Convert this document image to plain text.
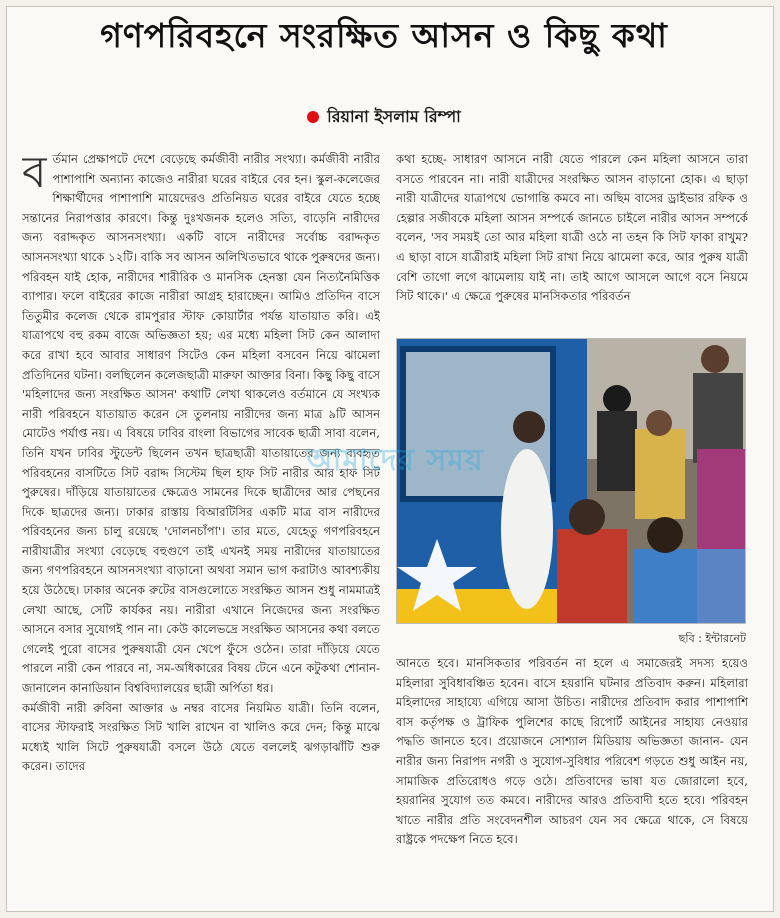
গণপরিবহনে সংরক্ষিত আসন ও কিছু কথা
রিয়ানা ইসলাম রিম্পা
ব র্তমান প্রেক্ষাপটে দেশে বেড়েছে কর্মজীবী নারীর সংখ্যা। কর্মজীবী নারীর পাশাপাশি অন্যান্য কাজেও নারীরা ঘরের বাইরে বের হন। স্কুল-কলেজের শিক্ষার্থীদের পাশাপাশি মায়েদেরও প্রতিনিয়ত ঘরের বাইরে যেতে হচ্ছে সন্তানের নিরাপত্তার কারণে। কিন্তু দুঃখজনক হলেও সত্যি, বাড়েনি নারীদের জন্য বরাদ্দকৃত আসনসংখ্যা। একটি বাসে নারীদের সর্বোচ্চ বরাদ্দকৃত আসনসংখ্যা থাকে ১২টি। বাকি সব আসন অলিখিতভাবে থাকে পুরুষদের জন্য। পরিবহন যাই হোক, নারীদের শারীরিক ও মানসিক হেনস্তা যেন নিত্যনৈমিত্তিক ব্যাপার। ফলে বাইরের কাজে নারীরা আগ্রহ হারাচ্ছেন। আমিও প্রতিদিন বাসে তিতুমীর কলেজ থেকে রামপুরার স্টাফ কোয়ার্টার পর্যন্ত যাতায়াত করি। এই যাত্রাপথে বহু রকম বাজে অভিজ্ঞতা হয়; এর মধ্যে মহিলা সিট কেন আলাদা করে রাখা হবে আবার সাধারণ সিটেও কেন মহিলা বসবেন নিয়ে ঝামেলা প্রতিদিনের ঘটনা। বলছিলেন কলেজছাত্রী মারুফা আক্তার বিনা। কিছু কিছু বাসে 'মহিলাদের জন্য সংরক্ষিত আসন' কথাটি লেখা থাকলেও বর্তমানে যে সংখ্যক নারী পরিবহনে যাতায়াত করেন সে তুলনায় নারীদের জন্য মাত্র ৯টি আসন মোটেও পর্যাপ্ত নয়। এ বিষয়ে ঢাবির বাংলা বিভাগের সাবেক ছাত্রী সাবা বলেন, তিনি যখন ঢাবির স্টুডেন্ট ছিলেন তখন ছাত্রছাত্রী যাতায়াতের জন্য ব্যবহৃত পরিবহনের বাসটিতে সিট বরাদ্দ সিস্টেম ছিল হাফ সিট নারীর আর হাফ সিট পুরুষের। দাঁড়িয়ে যাতায়াতের ক্ষেত্রেও সামনের দিকে ছাত্রীদের আর পেছনের দিকে ছাত্রদের জন্য। ঢাকার রাস্তায় বিআরটিসির একটি মাত্র বাস নারীদের পরিবহনের জন্য চালু রয়েছে 'দোলনচাঁপা'। তার মতে, যেহেতু গণপরিবহনে নারীযাত্রীর সংখ্যা বেড়েছে বহুগুণে তাই এখনই সময় নারীদের যাতায়াতের জন্য গণপরিবহনে আসনসংখ্যা বাড়ানো অথবা সমান ভাগ করাটাও আবশ্যকীয় হয়ে উঠেছে। ঢাকার অনেক রুটের বাসগুলোতে সংরক্ষিত আসন শুধু নামমাত্রই লেখা আছে, সেটি কার্যকর নয়। নারীরা এখানে নিজেদের জন্য সংরক্ষিত আসনে বসার সুযোগই পান না। কেউ কালেভদ্রে সংরক্ষিত আসনের কথা বলতে গেলেই পুরো বাসের পুরুষযাত্রী যেন খেপে ফুঁসে ওঠেন। তারা দাঁড়িয়ে যেতে পারলে নারী কেন পারবে না, সম-অধিকারের বিষয় টেনে এনে কটুকথা শোনান- জানালেন কানাডিয়ান বিশ্ববিদ্যালয়ের ছাত্রী অর্পিতা ধর।

কর্মজীবী নারী রুবিনা আক্তার ৬ নম্বর বাসের নিয়মিত যাত্রী। তিনি বলেন, বাসের স্টাফরাই সংরক্ষিত সিট খালি রাখেন বা খালিও করে দেন; কিন্তু মাঝে মধ্যেই খালি সিটে পুরুষযাত্রী বসলে উঠে যেতে বললেই ঝগড়াঝাঁটি শুরু করেন। তাদের

কথা হচ্ছে- সাধারণ আসনে নারী যেতে পারলে কেন মহিলা আসনে তারা বসতে পারবেন না। নারী যাত্রীদের সংরক্ষিত আসন বাড়ানো হোক। এ ছাড়া নারী যাত্রীদের যাত্রাপথে ভোগান্তি কমবে না। অছিম বাসের ড্রাইভার রফিক ও হেল্পার সজীবকে মহিলা আসন সম্পর্কে জানতে চাইলে নারীর আসন সম্পর্কে বলেন, 'সব সময়ই তো আর মহিলা যাত্রী ওঠে না তহন কি সিট ফাকা রাখুম? এ ছাড়া বাসে যাত্রীরাই মহিলা সিট রাখা নিয়ে ঝামেলা করে, আর পুরুষ যাত্রী বেশি তাগো লগে ঝামেলায় যাই না। তাই আগে আসলে আগে বসে নিয়মে সিট থাকে।' এ ক্ষেত্রে পুরুষের মানসিকতার পরিবর্তন

ছবি : ইন্টারনেট

আনতে হবে। মানসিকতার পরিবর্তন না হলে এ সমাজেরই সদস্য হয়েও মহিলারা সুবিধাবঞ্চিত হবেন। বাসে হয়রানি ঘটনার প্রতিবাদ করুন। মহিলারা মহিলাদের সাহায্যে এগিয়ে আসা উচিত। নারীদের প্রতিবাদ করার পাশাপাশি বাস কর্তৃপক্ষ ও ট্রাফিক পুলিশের কাছে রিপোর্ট আইনের সাহায্য নেওয়ার পদ্ধতি জানতে হবে। প্রয়োজনে সোশ্যাল মিডিয়ায় অভিজ্ঞতা জানান- যেন নারীর জন্য নিরাপদ নগরী ও সুযোগ-সুবিধার পরিবেশ গড়তে শুধু আইন নয়, সামাজিক প্রতিরোধও গড়ে ওঠে। প্রতিবাদের ভাষা যত জোরালো হবে, হয়রানির সুযোগ তত কমবে। নারীদের আরও প্রতিবাদী হতে হবে। পরিবহন খাতে নারীর প্রতি সংবেদনশীল আচরণ যেন সব ক্ষেত্রে থাকে, সে বিষয়ে রাষ্ট্রকে পদক্ষেপ নিতে হবে।

আমাদের সময়
